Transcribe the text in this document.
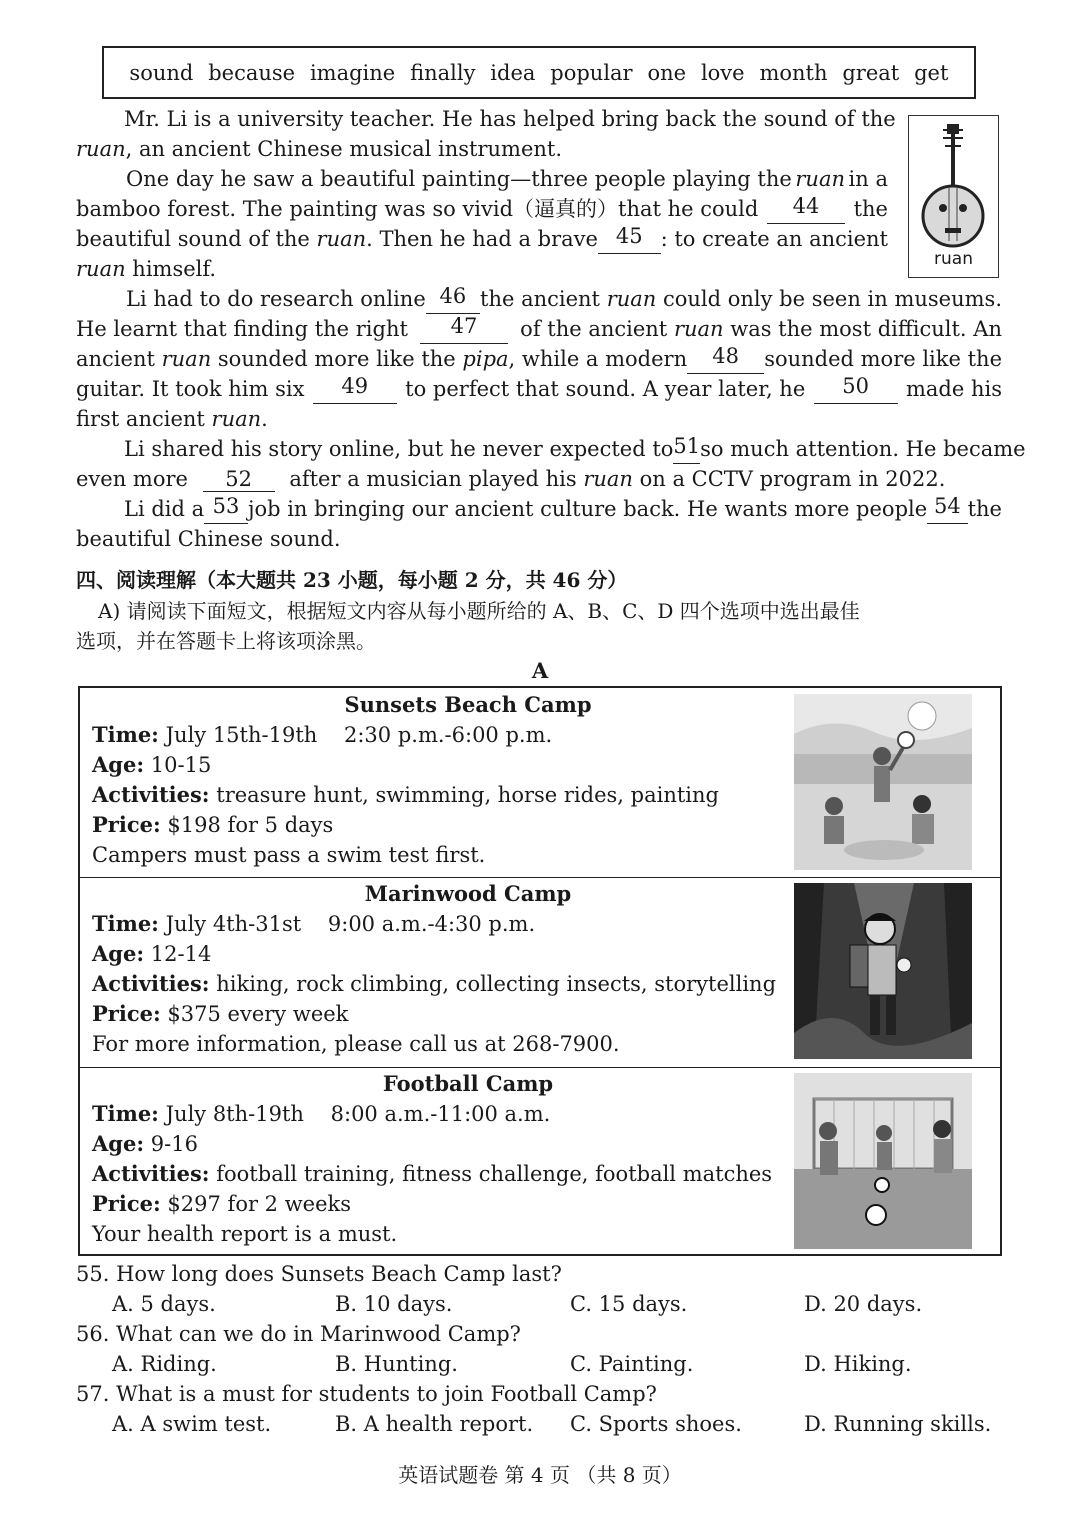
sound because imagine finally idea popular one love month great get
ruan
Mr. Li is a university teacher. He has helped bring back the sound of the
ruan, an ancient Chinese musical instrument.
One day he saw a beautiful painting—three people playing the ruan in a
bamboo forest. The painting was so vivid（逼真的）that he could	44	the
beautiful sound of the ruan. Then he had a brave 45 : to create an ancient
ruan himself.
Li had to do research online 46 the ancient ruan could only be seen in museums.
He learnt that finding the right	47	of the ancient ruan was the most difficult. An
ancient ruan sounded more like the pipa, while a modern	48	sounded more like the
guitar. It took him six	49	to perfect that sound. A year later, he	50	made his
first ancient ruan.
Li shared his story online, but he never expected to 51 so much attention. He became
even more 52 after a musician played his ruan on a CCTV program in 2022.
Li did a 53 job in bringing our ancient culture back. He wants more people 54 the
beautiful Chinese sound.
四、阅读理解（本大题共 23 小题，每小题 2 分，共 46 分）
A) 请阅读下面短文，根据短文内容从每小题所给的 A、B、C、D 四个选项中选出最佳
选项，并在答题卡上将该项涂黑。
A
Sunsets Beach Camp
Time: July 15th-19th    2:30 p.m.-6:00 p.m.
Age: 10-15
Activities: treasure hunt, swimming, horse rides, painting
Price: $198 for 5 days
Campers must pass a swim test first.
Marinwood Camp
Time: July 4th-31st    9:00 a.m.-4:30 p.m.
Age: 12-14
Activities: hiking, rock climbing, collecting insects, storytelling
Price: $375 every week
For more information, please call us at 268-7900.
Football Camp
Time: July 8th-19th    8:00 a.m.-11:00 a.m.
Age: 9-16
Activities: football training, fitness challenge, football matches
Price: $297 for 2 weeks
Your health report is a must.
55. How long does Sunsets Beach Camp last?
A. 5 days.	B. 10 days.	C. 15 days.	D. 20 days.
56. What can we do in Marinwood Camp?
A. Riding.	B. Hunting.	C. Painting.	D. Hiking.
57. What is a must for students to join Football Camp?
A. A swim test.	B. A health report. C. Sports shoes.	D. Running skills.
英语试题卷 第 4 页 （共 8 页）
